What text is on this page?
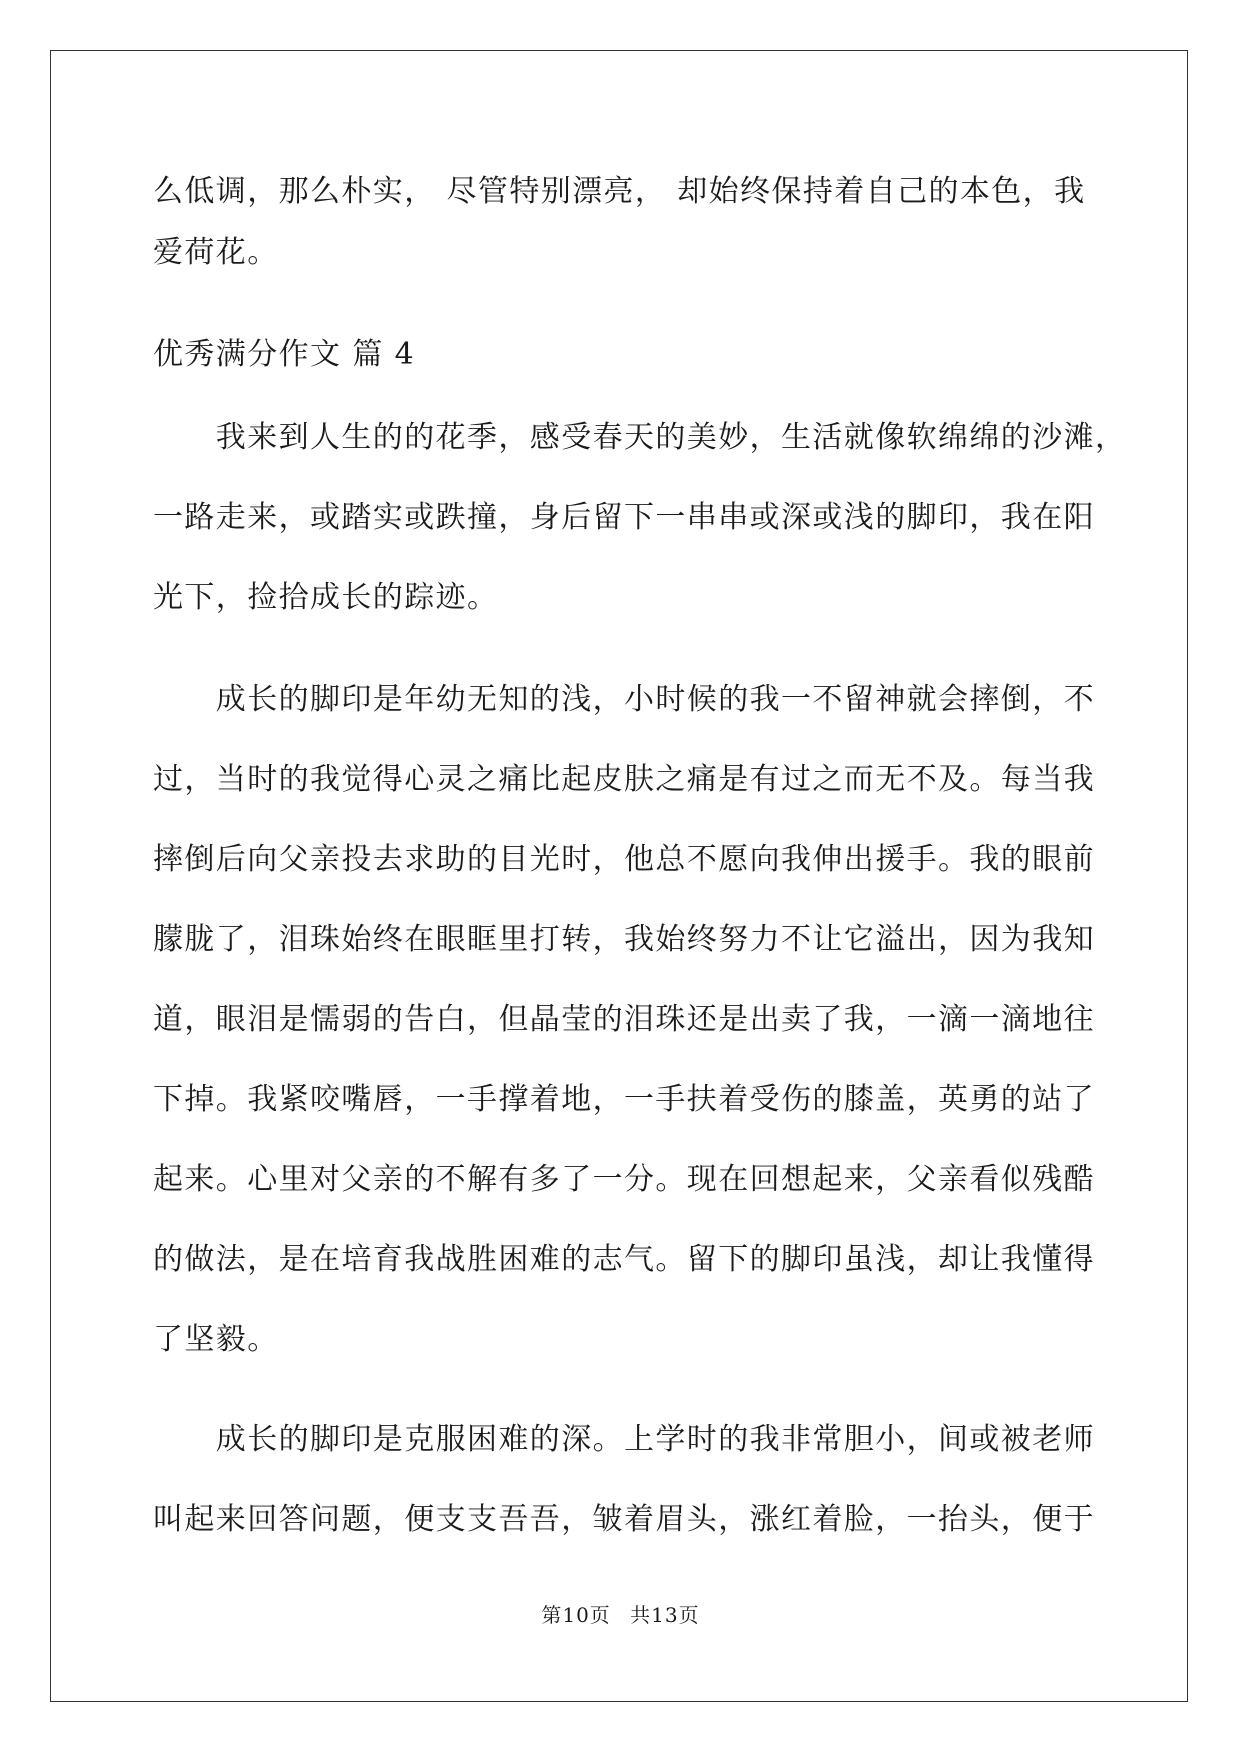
么低调，那么朴实， 尽管特别漂亮， 却始终保持着自己的本色，我
爱荷花。
优秀满分作文 篇 4
　　我来到人生的的花季，感受春天的美妙，生活就像软绵绵的沙滩，
一路走来，或踏实或跌撞，身后留下一串串或深或浅的脚印，我在阳
光下，捡拾成长的踪迹。
　　成长的脚印是年幼无知的浅，小时候的我一不留神就会摔倒，不
过，当时的我觉得心灵之痛比起皮肤之痛是有过之而无不及。每当我
摔倒后向父亲投去求助的目光时，他总不愿向我伸出援手。我的眼前
朦胧了，泪珠始终在眼眶里打转，我始终努力不让它溢出，因为我知
道，眼泪是懦弱的告白，但晶莹的泪珠还是出卖了我，一滴一滴地往
下掉。我紧咬嘴唇，一手撑着地，一手扶着受伤的膝盖，英勇的站了
起来。心里对父亲的不解有多了一分。现在回想起来，父亲看似残酷
的做法，是在培育我战胜困难的志气。留下的脚印虽浅，却让我懂得
了坚毅。
　　成长的脚印是克服困难的深。上学时的我非常胆小，间或被老师
叫起来回答问题，便支支吾吾，皱着眉头，涨红着脸，一抬头，便于
第10页 共13页
